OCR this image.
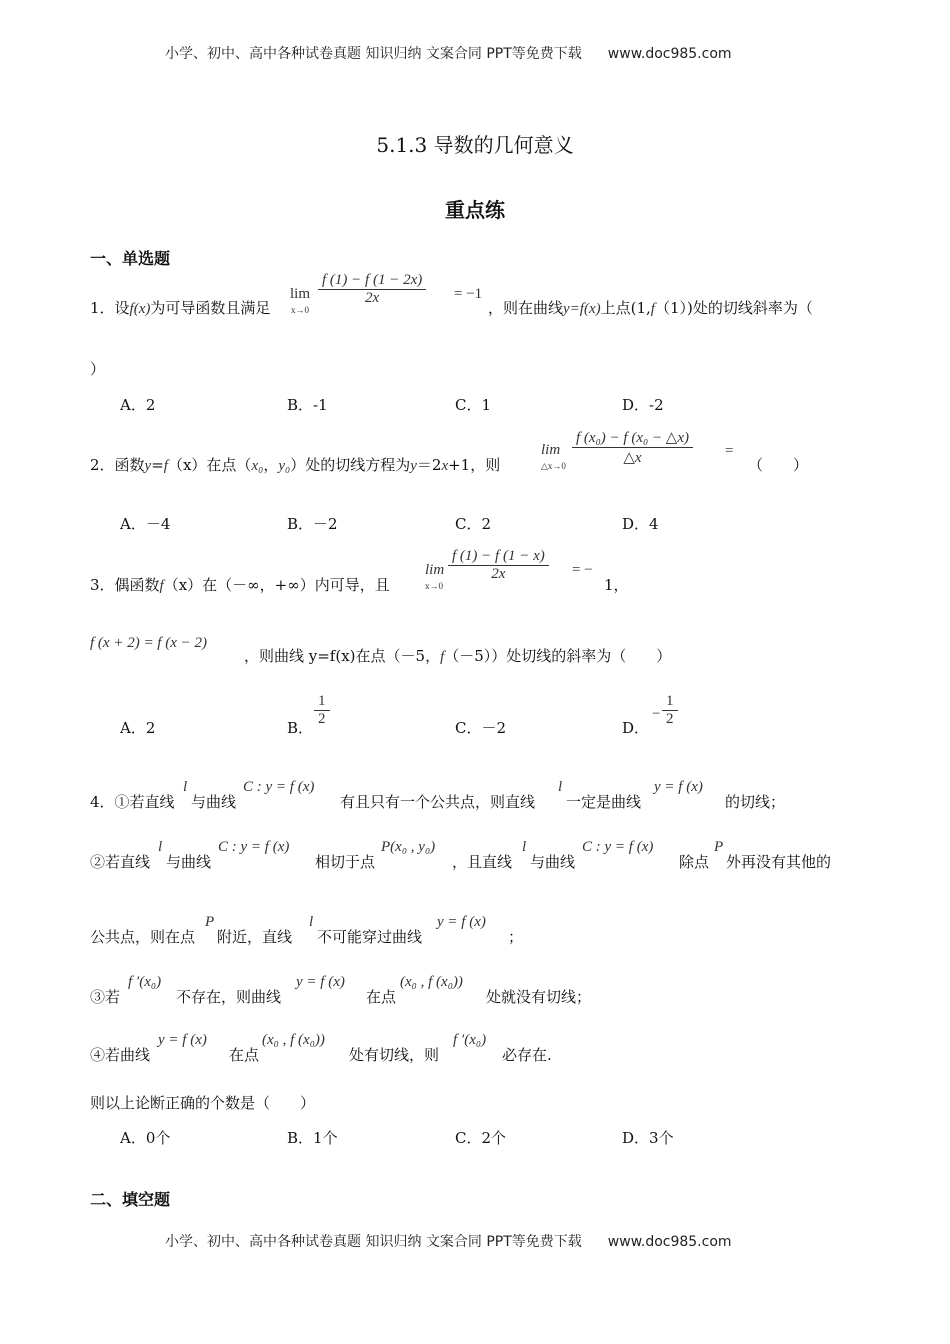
小学、初中、高中各种试卷真题 知识归纳 文案合同 PPT等免费下载 www.doc985.com
5.1.3 导数的几何意义
重点练
一、单选题
1．设f(x)为可导函数且满足
lim
x→0
f (1) − f (1 − 2x)
2x	= −1
，则在曲线y=f(x)上点(1,f（1）)处的切线斜率为（
）
A．2	B．-1	C．1	D．-2
2．函数y=f（x）在点（x₀，y₀）处的切线方程为y＝2x+1，则
lim
△x→0
f (x₀) − f (x₀ − △x)
△x	=
（　　）
A．－4	B．－2	C．2	D．4
3．偶函数f（x）在（－∞，+∞）内可导，且
lim
x→0
f (1) − f (1 − x)
2x	= −
1，
f (x + 2) = f (x − 2)
，则曲线 y=f(x)在点（－5，f（－5））处切线的斜率为（　　）
A．2	B．
1
2	C．－2	D．
−
1
2
4．①若直线
l
与曲线
C : y = f (x)
有且只有一个公共点，则直线
l
一定是曲线
y = f (x)
的切线；
②若直线
l
与曲线
C : y = f (x)
相切于点
P(x₀ , y₀)
，且直线
l
与曲线
C : y = f (x)
除点
P
外再没有其他的
公共点，则在点
P
附近，直线
l
不可能穿过曲线
y = f (x)
；
③若
f ′(x₀)
不存在，则曲线
y = f (x)
在点
(x₀ , f (x₀))
处就没有切线；
④若曲线
y = f (x)
在点
(x₀ , f (x₀))
处有切线，则
f ′(x₀)
必存在.
则以上论断正确的个数是（　　）
A．0个	B．1个	C．2个	D．3个
二、填空题
小学、初中、高中各种试卷真题 知识归纳 文案合同 PPT等免费下载 www.doc985.com
